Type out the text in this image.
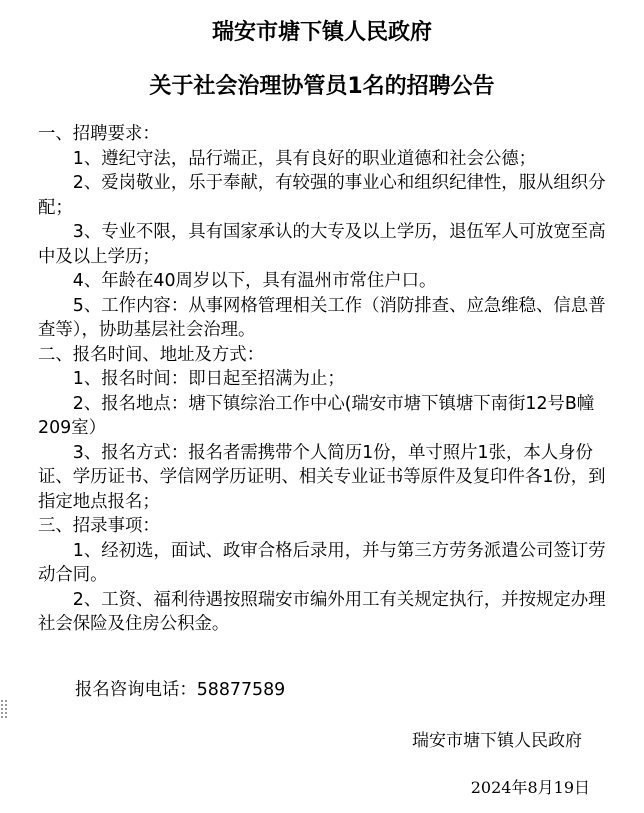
瑞安市塘下镇人民政府
关于社会治理协管员1名的招聘公告

一、招聘要求：

1、遵纪守法，品行端正，具有良好的职业道德和社会公德；

2、爱岗敬业，乐于奉献，有较强的事业心和组织纪律性，服从组织分配；

3、专业不限，具有国家承认的大专及以上学历，退伍军人可放宽至高中及以上学历；

4、年龄在40周岁以下，具有温州市常住户口。

5、工作内容：从事网格管理相关工作（消防排查、应急维稳、信息普查等），协助基层社会治理。

二、报名时间、地址及方式：

1、报名时间：即日起至招满为止；

2、报名地点：塘下镇综治工作中心(瑞安市塘下镇塘下南街12号B幢209室）

3、报名方式：报名者需携带个人简历1份，单寸照片1张，本人身份证、学历证书、学信网学历证明、相关专业证书等原件及复印件各1份，到指定地点报名；

三、招录事项：

1、经初选，面试、政审合格后录用，并与第三方劳务派遣公司签订劳动合同。

2、工资、福利待遇按照瑞安市编外用工有关规定执行，并按规定办理社会保险及住房公积金。

报名咨询电话：58877589
瑞安市塘下镇人民政府
2024年8月19日
